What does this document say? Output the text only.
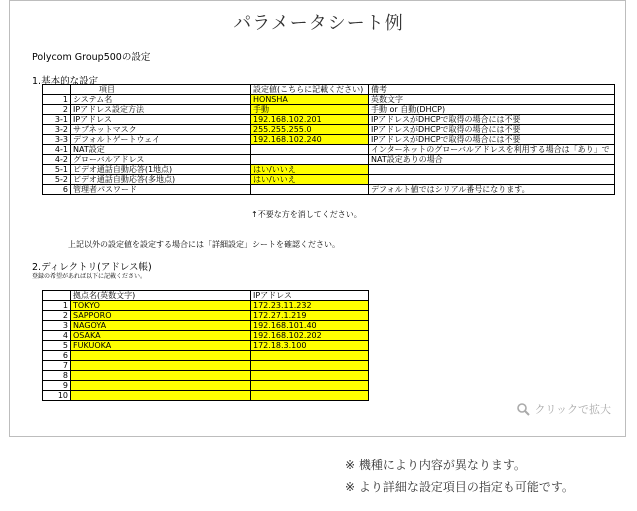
パラメータシート例
Polycom Group500の設定
1.基本的な設定
	項目	設定値(こちらに記載ください)	備考
1	システム名	HONSHA	英数文字
2	IPアドレス設定方法	手動	手動 or 自動(DHCP)
3-1	IPアドレス	192.168.102.201	IPアドレスがDHCPで取得の場合には不要
3-2	サブネットマスク	255.255.255.0	IPアドレスがDHCPで取得の場合には不要
3-3	デフォルトゲートウェイ	192.168.102.240	IPアドレスがDHCPで取得の場合には不要
4-1	NAT設定		インターネットのグローバルアドレスを利用する場合は「あり」で
4-2	グローバルアドレス		NAT設定ありの場合
5-1	ビデオ通話自動応答(1地点)	はい/いいえ	
5-2	ビデオ通話自動応答(多地点)	はい/いいえ	
6	管理者パスワード		デフォルト値ではシリアル番号になります。
↑不要な方を消してください。
上記以外の設定値を設定する場合には「詳細設定」シートを確認ください。
2.ディレクトリ(アドレス帳)
登録の希望があれば以下に記載ください。
	拠点名(英数文字)	IPアドレス
1	TOKYO	172.23.11.232
2	SAPPORO	172.27.1.219
3	NAGOYA	192.168.101.40
4	OSAKA	192.168.102.202
5	FUKUOKA	172.18.3.100
6		
7		
8		
9		
10		
クリックで拡大
※ 機種により内容が異なります。
※ より詳細な設定項目の指定も可能です。
